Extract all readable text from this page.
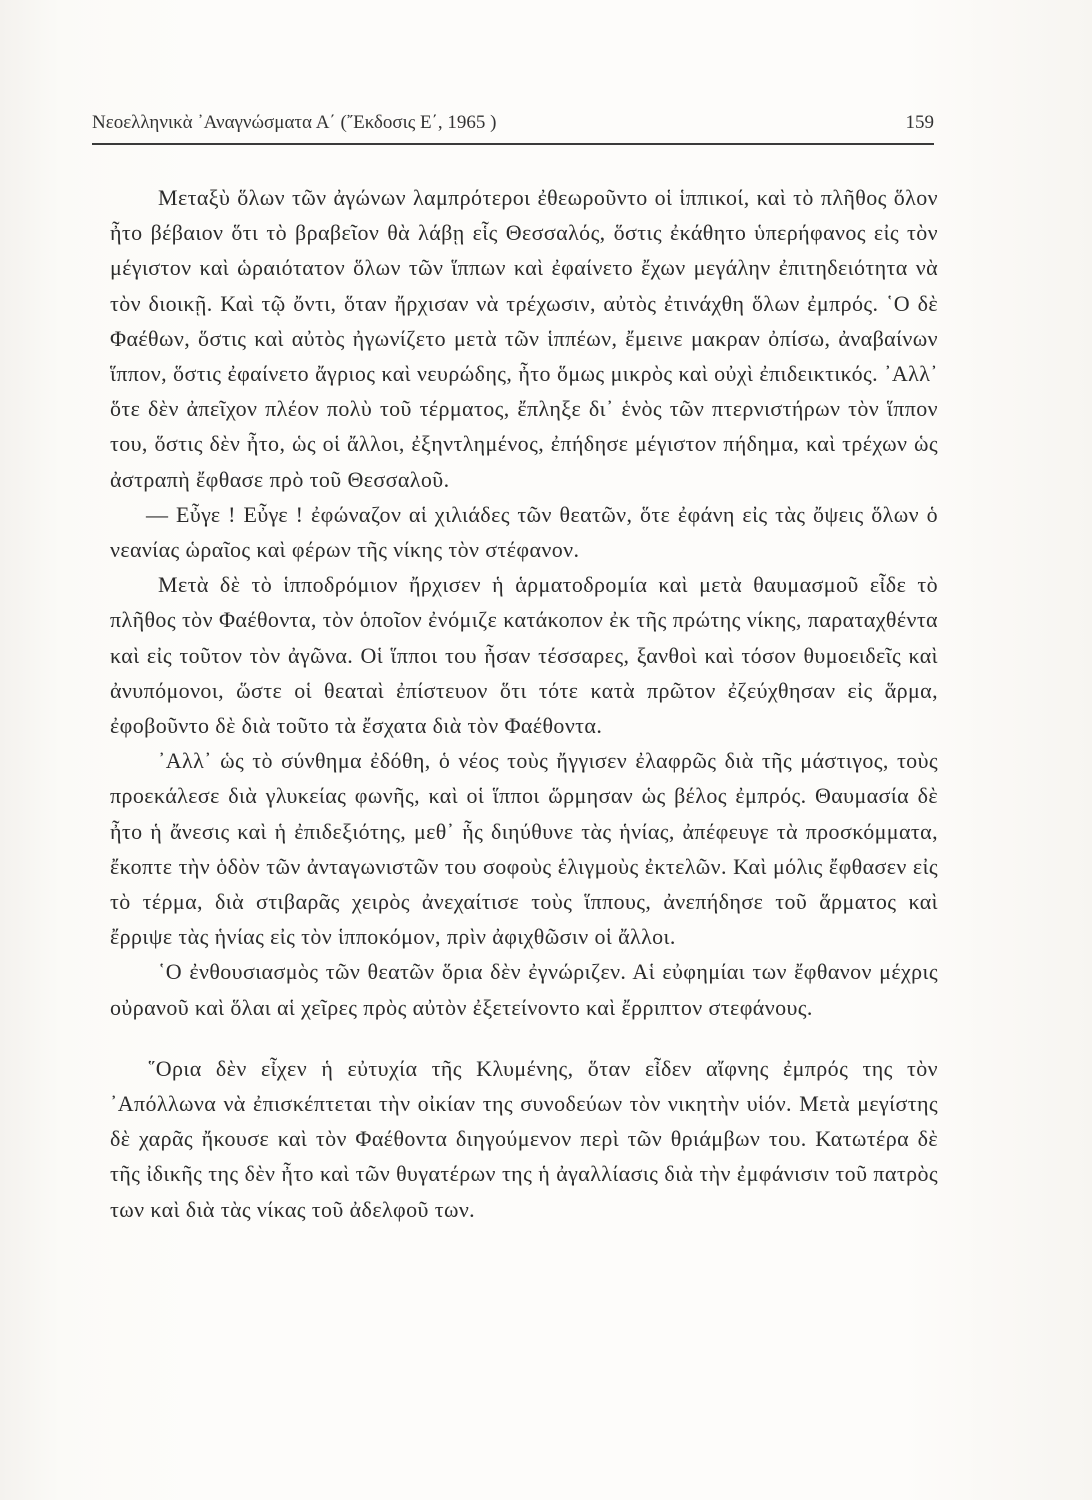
Νεοελληνικὰ ᾿Αναγνώσματα Α΄ (῎Εκδοσις Ε΄, 1965 )	159

Μεταξὺ ὅλων τῶν ἀγώνων λαμπρότεροι ἐθεωροῦντο οἱ ἱππικοί, καὶ τὸ πλῆθος ὅλον ἦτο βέβαιον ὅτι τὸ βραβεῖον θὰ λάβῃ εἷς Θεσσαλός, ὅστις ἐκάθητο ὑπερήφανος εἰς τὸν μέγιστον καὶ ὡραιότατον ὅλων τῶν ἵππων καὶ ἐφαίνετο ἔχων μεγάλην ἐπιτηδειότητα νὰ τὸν διοικῇ. Καὶ τῷ ὄντι, ὅταν ἤρχισαν νὰ τρέχωσιν, αὐτὸς ἐτινάχθη ὅλων ἐμπρός. ῾Ο δὲ Φαέθων, ὅστις καὶ αὐτὸς ἠγωνίζετο μετὰ τῶν ἱππέων, ἔμεινε μακραν ὀπίσω, ἀναβαίνων ἵππον, ὅστις ἐφαίνετο ἄγριος καὶ νευρώδης, ἦτο ὅμως μικρὸς καὶ οὐχὶ ἐπιδεικτικός. ᾿Αλλ᾿ ὅτε δὲν ἀπεῖχον πλέον πολὺ τοῦ τέρματος, ἔπληξε δι᾿ ἑνὸς τῶν πτερνιστήρων τὸν ἵππον του, ὅστις δὲν ἦτο, ὡς οἱ ἄλλοι, ἐξηντλημένος, ἐπήδησε μέγιστον πήδημα, καὶ τρέχων ὡς ἀστραπὴ ἔφθασε πρὸ τοῦ Θεσσαλοῦ.

— Εὖγε ! Εὖγε ! ἐφώναζον αἱ χιλιάδες τῶν θεατῶν, ὅτε ἐφάνη εἰς τὰς ὄψεις ὅλων ὁ νεανίας ὡραῖος καὶ φέρων τῆς νίκης τὸν στέφανον.

Μετὰ δὲ τὸ ἱπποδρόμιον ἤρχισεν ἡ ἁρματοδρομία καὶ μετὰ θαυμασμοῦ εἶδε τὸ πλῆθος τὸν Φαέθοντα, τὸν ὁποῖον ἐνόμιζε κατάκοπον ἐκ τῆς πρώτης νίκης, παραταχθέντα καὶ εἰς τοῦτον τὸν ἀγῶνα. Οἱ ἵπποι του ἦσαν τέσσαρες, ξανθοὶ καὶ τόσον θυμοειδεῖς καὶ ἀνυπόμονοι, ὥστε οἱ θεαταὶ ἐπίστευον ὅτι τότε κατὰ πρῶτον ἐζεύχθησαν εἰς ἅρμα, ἐφοβοῦντο δὲ διὰ τοῦτο τὰ ἔσχατα διὰ τὸν Φαέθοντα.

᾿Αλλ᾿ ὡς τὸ σύνθημα ἐδόθη, ὁ νέος τοὺς ἤγγισεν ἐλαφρῶς διὰ τῆς μάστιγος, τοὺς προεκάλεσε διὰ γλυκείας φωνῆς, καὶ οἱ ἵπποι ὥρμησαν ὡς βέλος ἐμπρός. Θαυμασία δὲ ἦτο ἡ ἄνεσις καὶ ἡ ἐπιδεξιότης, μεθ᾿ ἧς διηύθυνε τὰς ἡνίας, ἀπέφευγε τὰ προσκόμματα, ἔκοπτε τὴν ὁδὸν τῶν ἀνταγωνιστῶν του σοφοὺς ἑλιγμοὺς ἐκτελῶν. Καὶ μόλις ἔφθασεν εἰς τὸ τέρμα, διὰ στιβαρᾶς χειρὸς ἀνεχαίτισε τοὺς ἵππους, ἀνεπήδησε τοῦ ἅρματος καὶ ἔρριψε τὰς ἡνίας εἰς τὸν ἱπποκόμον, πρὶν ἀφιχθῶσιν οἱ ἄλλοι.

῾Ο ἐνθουσιασμὸς τῶν θεατῶν ὅρια δὲν ἐγνώριζεν. Αἱ εὐφημίαι των ἔφθανον μέχρις οὐρανοῦ καὶ ὅλαι αἱ χεῖρες πρὸς αὐτὸν ἐξετείνοντο καὶ ἔρριπτον στεφάνους.

῞Ορια δὲν εἶχεν ἡ εὐτυχία τῆς Κλυμένης, ὅταν εἶδεν αἴφνης ἐμπρός της τὸν ᾿Απόλλωνα νὰ ἐπισκέπτεται τὴν οἰκίαν της συνοδεύων τὸν νικητὴν υἱόν. Μετὰ μεγίστης δὲ χαρᾶς ἤκουσε καὶ τὸν Φαέθοντα διηγούμενον περὶ τῶν θριάμβων του. Κατωτέρα δὲ τῆς ἰδικῆς της δὲν ἦτο καὶ τῶν θυγατέρων της ἡ ἀγαλλίασις διὰ τὴν ἐμφάνισιν τοῦ πατρὸς των καὶ διὰ τὰς νίκας τοῦ ἀδελφοῦ των.
